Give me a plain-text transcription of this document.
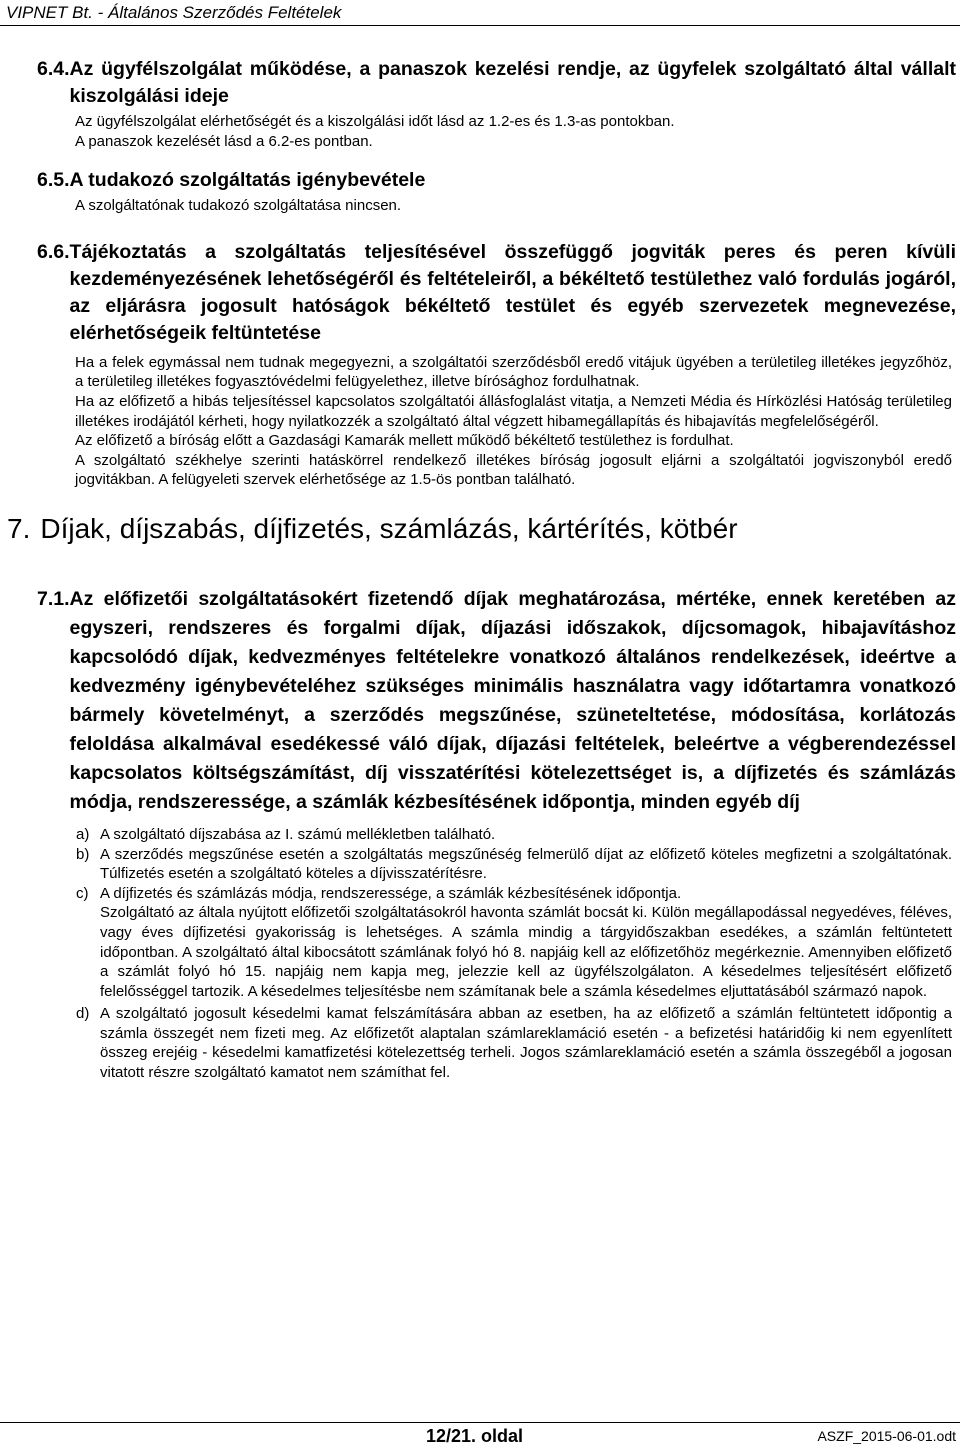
VIPNET Bt. - Általános Szerződés Feltételek
6.4. Az ügyfélszolgálat működése, a panaszok kezelési rendje, az ügyfelek szolgáltató által vállalt kiszolgálási ideje
Az ügyfélszolgálat elérhetőségét és a kiszolgálási időt lásd az 1.2-es és 1.3-as pontokban.
A panaszok kezelését lásd a 6.2-es pontban.
6.5. A tudakozó szolgáltatás igénybevétele
A szolgáltatónak tudakozó szolgáltatása nincsen.
6.6. Tájékoztatás a szolgáltatás teljesítésével összefüggő jogviták peres és peren kívüli kezdeményezésének lehetőségéről és feltételeiről, a békéltető testülethez való fordulás jogáról, az eljárásra jogosult hatóságok békéltető testület és egyéb szervezetek megnevezése, elérhetőségeik feltüntetése
Ha a felek egymással nem tudnak megegyezni, a szolgáltatói szerződésből eredő vitájuk ügyében a területileg illetékes jegyzőhöz, a területileg illetékes fogyasztóvédelmi felügyelethez, illetve bírósághoz fordulhatnak.
Ha az előfizető a hibás teljesítéssel kapcsolatos szolgáltatói állásfoglalást vitatja, a Nemzeti Média és Hírközlési Hatóság területileg illetékes irodájától kérheti, hogy nyilatkozzék a szolgáltató által végzett hibamegállapítás és hibajavítás megfelelőségéről.
Az előfizető a bíróság előtt a Gazdasági Kamarák mellett működő békéltető testülethez is fordulhat.
A szolgáltató székhelye szerinti hatáskörrel rendelkező illetékes bíróság jogosult eljárni a szolgáltatói jogviszonyból eredő jogvitákban. A felügyeleti szervek elérhetősége az 1.5-ös pontban található.
7. Díjak, díjszabás, díjfizetés, számlázás, kártérítés, kötbér
7.1. Az előfizetői szolgáltatásokért fizetendő díjak meghatározása, mértéke, ennek keretében az egyszeri, rendszeres és forgalmi díjak, díjazási időszakok, díjcsomagok, hibajavításhoz kapcsolódó díjak, kedvezményes feltételekre vonatkozó általános rendelkezések, ideértve a kedvezmény igénybevételéhez szükséges minimális használatra vagy időtartamra vonatkozó bármely követelményt, a szerződés megszűnése, szüneteltetése, módosítása, korlátozás feloldása alkalmával esedékessé váló díjak, díjazási feltételek, beleértve a végberendezéssel kapcsolatos költségszámítást, díj visszatérítési kötelezettséget is, a díjfizetés és számlázás módja, rendszeressége, a számlák kézbesítésének időpontja, minden egyéb díj
a) A szolgáltató díjszabása az I. számú mellékletben található.
b) A szerződés megszűnése esetén a szolgáltatás megszűnéség felmerülő díjat az előfizető köteles megfizetni a szolgáltatónak. Túlfizetés esetén a szolgáltató köteles a díjvisszatérítésre.
c) A díjfizetés és számlázás módja, rendszeressége, a számlák kézbesítésének időpontja.
Szolgáltató az általa nyújtott előfizetői szolgáltatásokról havonta számlát bocsát ki. Külön megállapodással negyedéves, féléves, vagy éves díjfizetési gyakorisság is lehetséges. A számla mindig a tárgyidőszakban esedékes, a számlán feltüntetett időpontban. A szolgáltató által kibocsátott számlának folyó hó 8. napjáig kell az előfizetőhöz megérkeznie. Amennyiben előfizető a számlát folyó hó 15. napjáig nem kapja meg, jelezzie kell az ügyfélszolgálaton. A késedelmes teljesítésért előfizető felelősséggel tartozik. A késedelmes teljesítésbe nem számítanak bele a számla késedelmes eljuttatásából származó napok.
d) A szolgáltató jogosult késedelmi kamat felszámítására abban az esetben, ha az előfizető a számlán feltüntetett időpontig a számla összegét nem fizeti meg. Az előfizetőt alaptalan számlareklamáció esetén - a befizetési határidőig ki nem egyenlített összeg erejéig - késedelmi kamatfizetési kötelezettség terheli. Jogos számlareklamáció esetén a számla összegéből a jogosan vitatott részre szolgáltató kamatot nem számíthat fel.
12/21. oldal	ASZF_2015-06-01.odt
